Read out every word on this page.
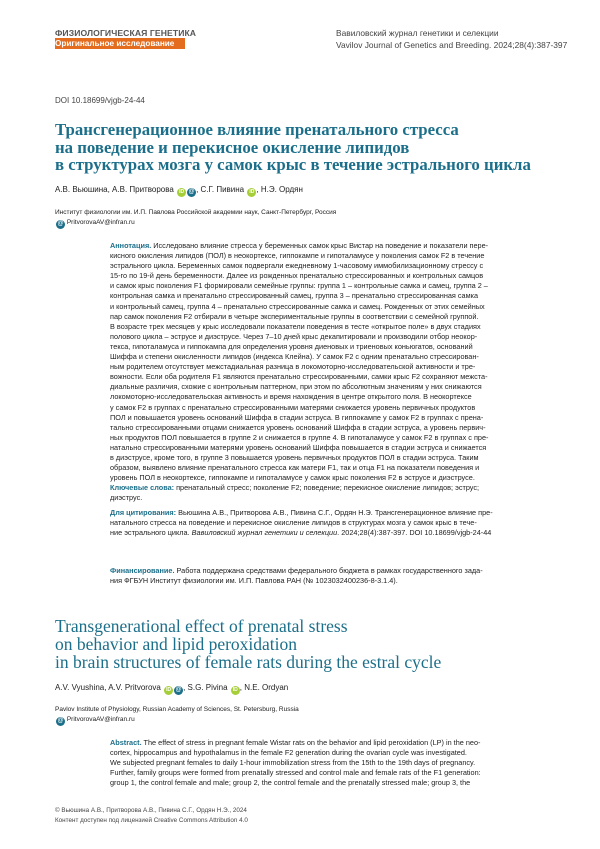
ФИЗИОЛОГИЧЕСКАЯ ГЕНЕТИКА
Оригинальное исследование
Вавиловский журнал генетики и селекции
Vavilov Journal of Genetics and Breeding. 2024;28(4):387-397
DOI 10.18699/vjgb-24-44
Трансгенерационное влияние пренатального стресса
на поведение и перекисное окисление липидов
в структурах мозга у самок крыс в течение эстрального цикла
А.В. Вьюшина, А.В. Притворова ID @ , С.Г. Пивина ID , Н.Э. Ордян
Институт физиологии им. И.П. Павлова Российской академии наук, Санкт-Петербург, Россия
@ PritvorovaAV@infran.ru
Аннотация. Исследовано влияние стресса у беременных самок крыс Вистар на поведение и показатели пере-
кисного окисления липидов (ПОЛ) в неокортексе, гиппокампе и гипоталамусе у поколения самок F2 в течение
эстрального цикла. Беременных самок подвергали ежедневному 1-часовому иммобилизационному стрессу с
15-го по 19-й день беременности. Далее из рожденных пренатально стрессированных и контрольных самцов
и самок крыс поколения F1 формировали семейные группы: группа 1 – контрольные самка и самец, группа 2 –
контрольная самка и пренатально стрессированный самец, группа 3 – пренатально стрессированная самка
и контрольный самец, группа 4 – пренатально стрессированные самка и самец. Рожденных от этих семейных
пар самок поколения F2 отбирали в четыре экспериментальные группы в соответствии с семейной группой.
В возрасте трех месяцев у крыс исследовали показатели поведения в тесте «открытое поле» в двух стадиях
полового цикла – эструсе и диэструсе. Через 7–10 дней крыс декапитировали и производили отбор неокор-
текса, гипоталамуса и гиппокампа для определения уровня диеновых и триеновых коньюгатов, оснований
Шиффа и степени окисленности липидов (индекса Клейна). У самок F2 с одним пренатально стрессирован-
ным родителем отсутствует межстадиальная разница в локомоторно-исследовательской активности и тре-
вожности. Если оба родителя F1 являются пренатально стрессированными, самки крыс F2 сохраняют межста-
диальные различия, схожие с контрольным паттерном, при этом по абсолютным значениям у них снижаются
локомоторно-исследовательская активность и время нахождения в центре открытого поля. В неокортексе
у самок F2 в группах с пренатально стрессированными матерями снижается уровень первичных продуктов
ПОЛ и повышается уровень оснований Шиффа в стадии эструса. В гиппокампе у самок F2 в группах с прена-
тально стрессированными отцами снижается уровень оснований Шиффа в стадии эструса, а уровень первич-
ных продуктов ПОЛ повышается в группе 2 и снижается в группе 4. В гипоталамусе у самок F2 в группах с пре-
натально стрессированными матерями уровень оснований Шиффа повышается в стадии эструса и снижается
в диэструсе, кроме того, в группе 3 повышается уровень первичных продуктов ПОЛ в стадии эструса. Таким
образом, выявлено влияние пренатального стресса как матери F1, так и отца F1 на показатели поведения и
уровень ПОЛ в неокортексе, гиппокампе и гипоталамусе у самок крыс поколения F2 в эструсе и диэструсе.
Ключевые слова: пренатальный стресс; поколение F2; поведение; перекисное окисление липидов; эструс;
диэструс.
Для цитирования: Вьюшина А.В., Притворова А.В., Пивина С.Г., Ордян Н.Э. Трансгенерационное влияние пре-
натального стресса на поведение и перекисное окисление липидов в структурах мозга у самок крыс в тече-
ние эстрального цикла. Вавиловский журнал генетики и селекции. 2024;28(4):387-397. DOI 10.18699/vjgb-24-44
Финансирование. Работа поддержана средствами федерального бюджета в рамках государственного зада-
ния ФГБУН Институт физиологии им. И.П. Павлова РАН (№ 1023032400236-8-3.1.4).
Transgenerational effect of prenatal stress
on behavior and lipid peroxidation
in brain structures of female rats during the estral cycle
A.V. Vyushina, A.V. Pritvorova ID @ , S.G. Pivina ID , N.E. Ordyan
Pavlov Institute of Physiology, Russian Academy of Sciences, St. Petersburg, Russia
@ PritvorovaAV@infran.ru
Abstract. The effect of stress in pregnant female Wistar rats on the behavior and lipid peroxidation (LP) in the neo-
cortex, hippocampus and hypothalamus in the female F2 generation during the ovarian cycle was investigated.
We subjected pregnant females to daily 1-hour immobilization stress from the 15th to the 19th days of pregnancy.
Further, family groups were formed from prenatally stressed and control male and female rats of the F1 generation:
group 1, the control female and male; group 2, the control female and the prenatally stressed male; group 3, the
© Вьюшина А.В., Притворова А.В., Пивина С.Г., Ордян Н.Э., 2024
Контент доступен под лицензией Creative Commons Attribution 4.0
